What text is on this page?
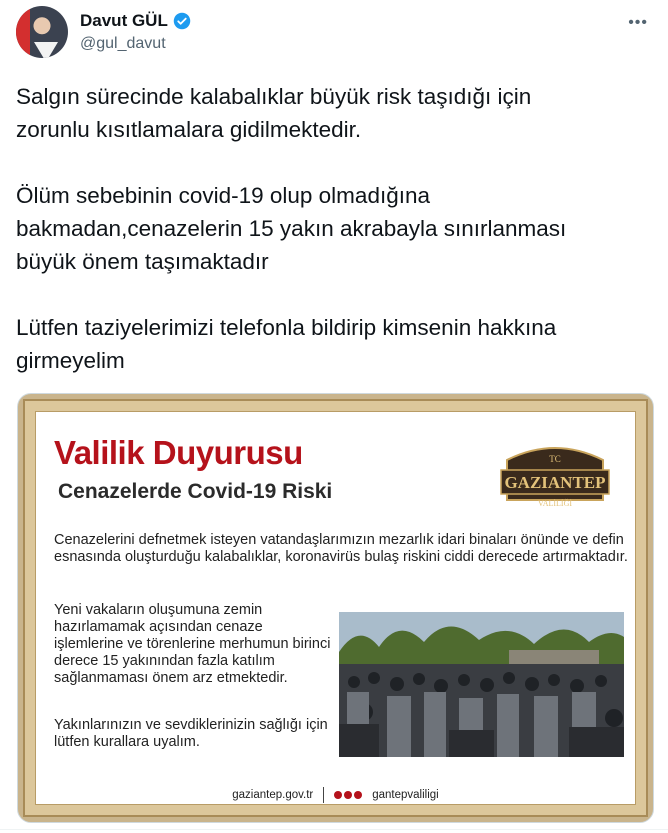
Davut GÜL
@gul_davut
•••

Salgın sürecinde kalabalıklar büyük risk taşıdığı için
zorunlu kısıtlamalara gidilmektedir.

Ölüm sebebinin covid-19 olup olmadığına
bakmadan,cenazelerin 15 yakın akrabayla sınırlanması
büyük önem taşımaktadır

Lütfen taziyelerimizi telefonla bildirip kimsenin hakkına
girmeyelim

Valilik Duyurusu
Cenazelerde Covid-19 Riski
TC
GAZIANTEP
VALİLİĞİ
Cenazelerini defnetmek isteyen vatandaşlarımızın mezarlık idari binaları önünde ve defin esnasında oluşturduğu kalabalıklar, koronavirüs bulaş riskini ciddi derecede artırmaktadır.
Yeni vakaların oluşumuna zemin hazırlamamak açısından cenaze işlemlerine ve törenlerine merhumun birinci derece 15 yakınından fazla katılım sağlanmaması önem arz etmektedir.
Yakınlarınızın ve sevdiklerinizin sağlığı için lütfen kurallara uyalım.
gaziantep.gov.tr	gantepvaliligi
